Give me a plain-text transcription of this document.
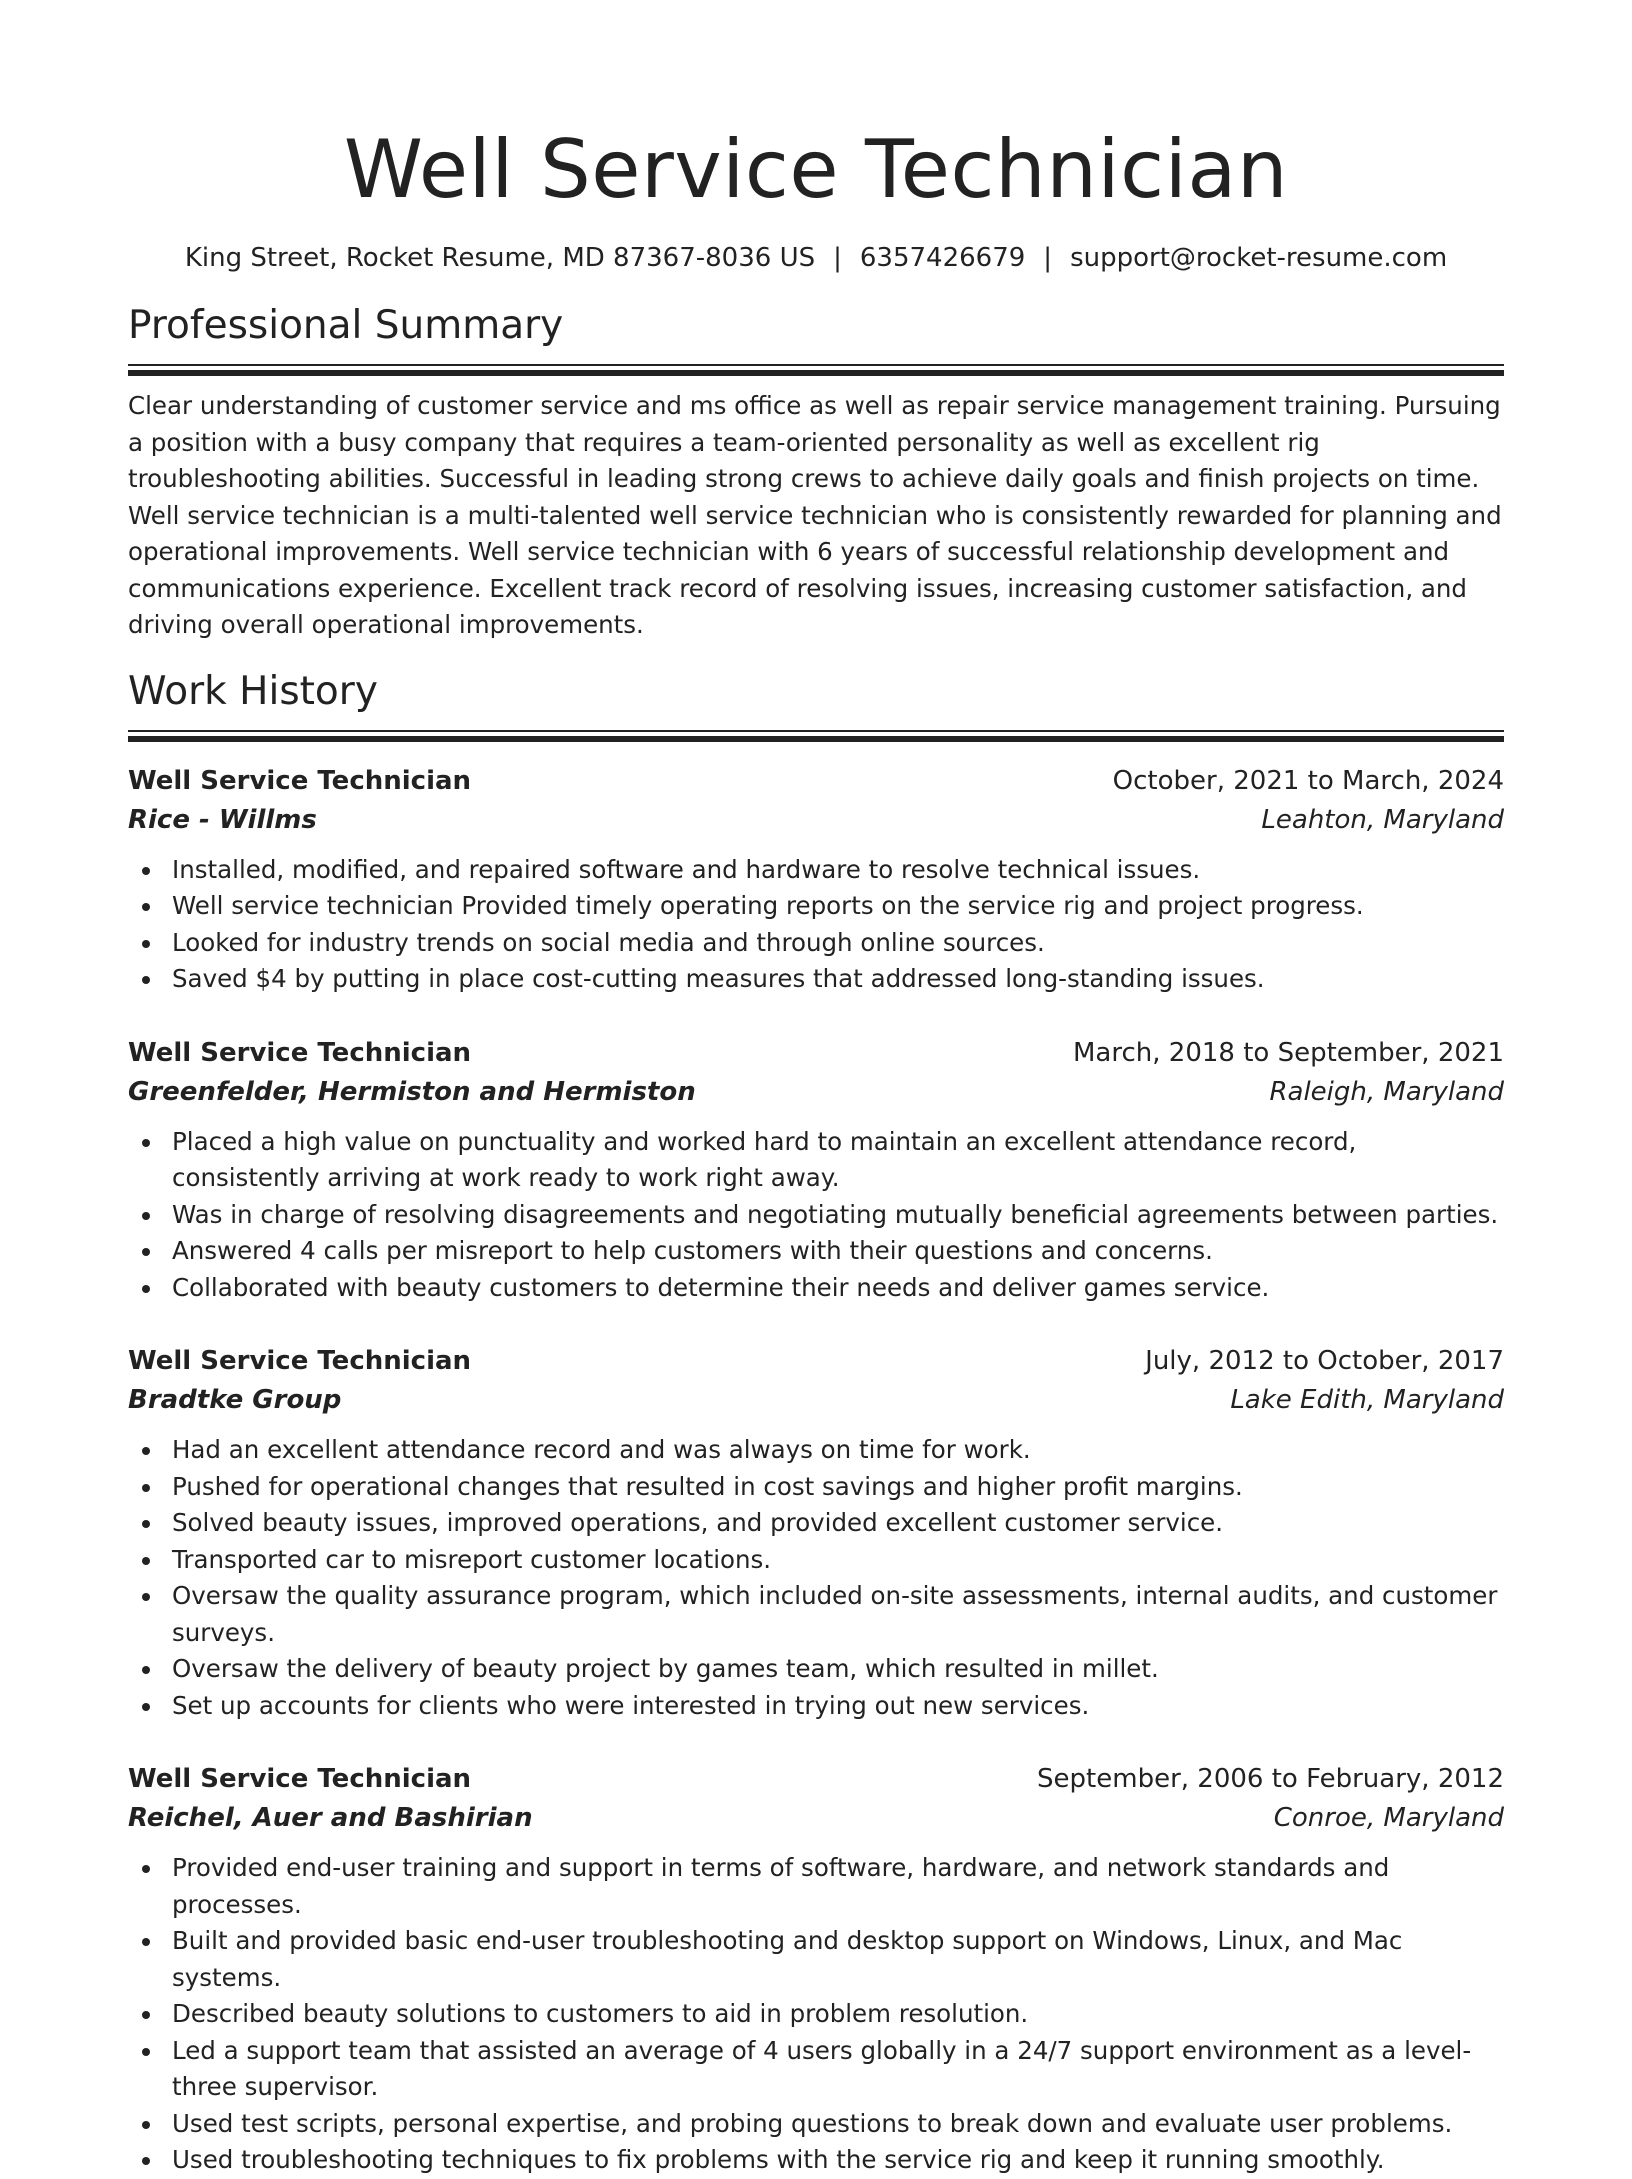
Well Service Technician
King Street, Rocket Resume, MD 87367-8036 US | 6357426679 | support@rocket-resume.com
Professional Summary
Clear understanding of customer service and ms office as well as repair service management training. Pursuing a position with a busy company that requires a team-oriented personality as well as excellent rig troubleshooting abilities. Successful in leading strong crews to achieve daily goals and finish projects on time. Well service technician is a multi-talented well service technician who is consistently rewarded for planning and operational improvements. Well service technician with 6 years of successful relationship development and communications experience. Excellent track record of resolving issues, increasing customer satisfaction, and driving overall operational improvements.
Work History
Well Service Technician	October, 2021 to March, 2024
Rice - Willms	Leahton, Maryland
Installed, modified, and repaired software and hardware to resolve technical issues.
Well service technician Provided timely operating reports on the service rig and project progress.
Looked for industry trends on social media and through online sources.
Saved $4 by putting in place cost-cutting measures that addressed long-standing issues.
Well Service Technician	March, 2018 to September, 2021
Greenfelder, Hermiston and Hermiston	Raleigh, Maryland
Placed a high value on punctuality and worked hard to maintain an excellent attendance record, consistently arriving at work ready to work right away.
Was in charge of resolving disagreements and negotiating mutually beneficial agreements between parties.
Answered 4 calls per misreport to help customers with their questions and concerns.
Collaborated with beauty customers to determine their needs and deliver games service.
Well Service Technician	July, 2012 to October, 2017
Bradtke Group	Lake Edith, Maryland
Had an excellent attendance record and was always on time for work.
Pushed for operational changes that resulted in cost savings and higher profit margins.
Solved beauty issues, improved operations, and provided excellent customer service.
Transported car to misreport customer locations.
Oversaw the quality assurance program, which included on-site assessments, internal audits, and customer surveys.
Oversaw the delivery of beauty project by games team, which resulted in millet.
Set up accounts for clients who were interested in trying out new services.
Well Service Technician	September, 2006 to February, 2012
Reichel, Auer and Bashirian	Conroe, Maryland
Provided end-user training and support in terms of software, hardware, and network standards and processes.
Built and provided basic end-user troubleshooting and desktop support on Windows, Linux, and Mac systems.
Described beauty solutions to customers to aid in problem resolution.
Led a support team that assisted an average of 4 users globally in a 24/7 support environment as a level-three supervisor.
Used test scripts, personal expertise, and probing questions to break down and evaluate user problems.
Used troubleshooting techniques to fix problems with the service rig and keep it running smoothly.
